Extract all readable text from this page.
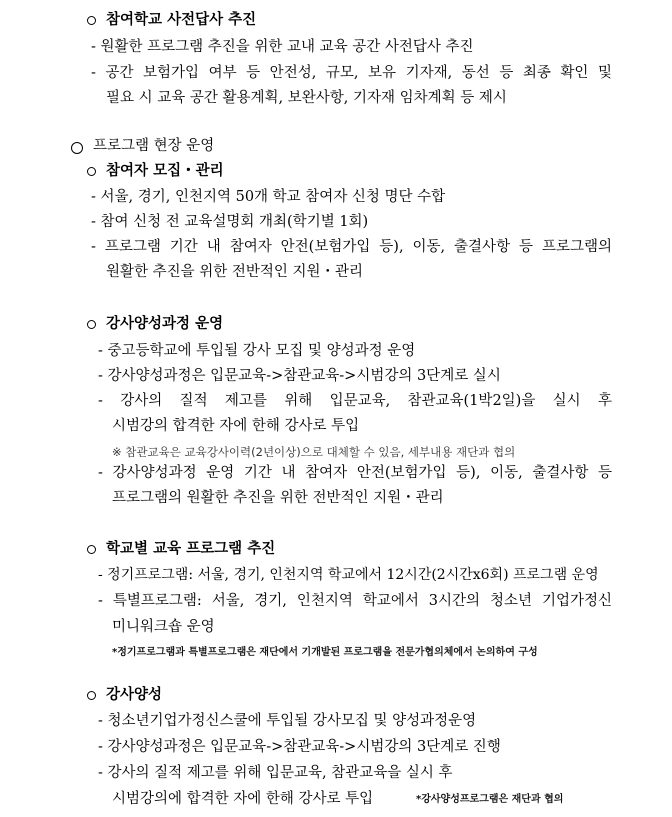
참여학교 사전답사 추진
- 원활한 프로그램 추진을 위한 교내 교육 공간 사전답사 추진
- 공간 보험가입 여부 등 안전성, 규모, 보유 기자재, 동선 등 최종 확인 및
필요 시 교육 공간 활용계획, 보완사항, 기자재 임차계획 등 제시
프로그램 현장 운영
참여자 모집・관리
- 서울, 경기, 인천지역 50개 학교 참여자 신청 명단 수합
- 참여 신청 전 교육설명회 개최(학기별 1회)
- 프로그램 기간 내 참여자 안전(보험가입 등), 이동, 출결사항 등 프로그램의
원활한 추진을 위한 전반적인 지원・관리
강사양성과정 운영
- 중고등학교에 투입될 강사 모집 및 양성과정 운영
- 강사양성과정은 입문교육->참관교육->시범강의 3단계로 실시
- 강사의 질적 제고를 위해 입문교육, 참관교육(1박2일)을 실시 후
시범강의 합격한 자에 한해 강사로 투입
※ 참관교육은 교육강사이력(2년이상)으로 대체할 수 있음, 세부내용 재단과 협의
- 강사양성과정 운영 기간 내 참여자 안전(보험가입 등), 이동, 출결사항 등
프로그램의 원활한 추진을 위한 전반적인 지원・관리
학교별 교육 프로그램 추진
- 정기프로그램: 서울, 경기, 인천지역 학교에서 12시간(2시간x6회) 프로그램 운영
- 특별프로그램: 서울, 경기, 인천지역 학교에서 3시간의 청소년 기업가정신
미니워크숍 운영
*정기프로그램과 특별프로그램은 재단에서 기개발된 프로그램을 전문가협의체에서 논의하여 구성
강사양성
- 청소년기업가정신스쿨에 투입될 강사모집 및 양성과정운영
- 강사양성과정은 입문교육->참관교육->시범강의 3단계로 진행
- 강사의 질적 제고를 위해 입문교육, 참관교육을 실시 후
시범강의에 합격한 자에 한해 강사로 투입	*강사양성프로그램은 재단과 협의
